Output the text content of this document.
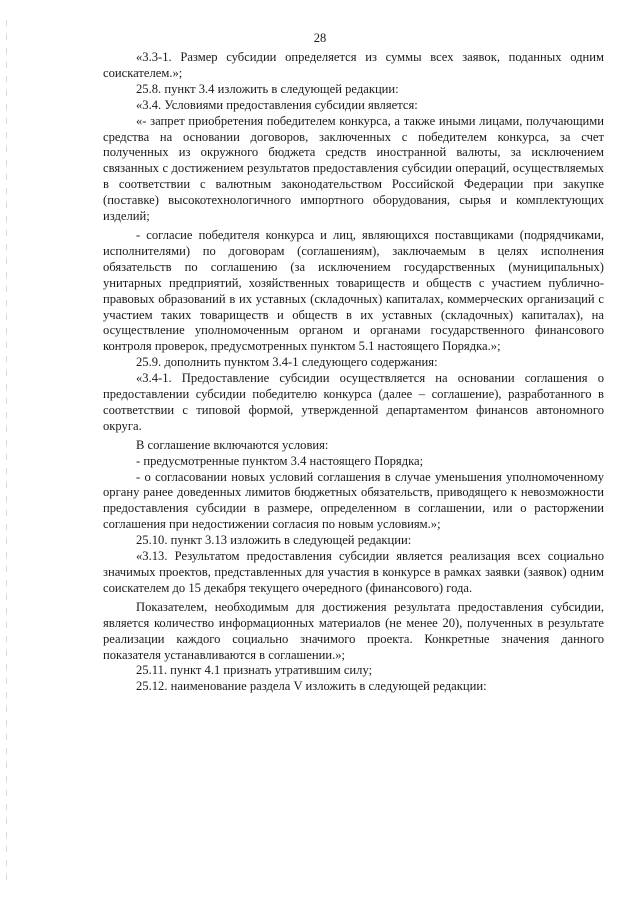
28

«3.3-1. Размер субсидии определяется из суммы всех заявок, поданных одним соискателем.»;

25.8. пункт 3.4 изложить в следующей редакции:

«3.4. Условиями предоставления субсидии является:

«- запрет приобретения победителем конкурса, а также иными лицами, получающими средства на основании договоров, заключенных с победителем конкурса, за счет полученных из окружного бюджета средств иностранной валюты, за исключением связанных с достижением результатов предоставления субсидии операций, осуществляемых в соответствии с валютным законодательством Российской Федерации при закупке (поставке) высокотехнологичного импортного оборудования, сырья и комплектующих изделий;

- согласие победителя конкурса и лиц, являющихся поставщиками (подрядчиками, исполнителями) по договорам (соглашениям), заключаемым в целях исполнения обязательств по соглашению (за исключением государственных (муниципальных) унитарных предприятий, хозяйственных товариществ и обществ с участием публично-правовых образований в их уставных (складочных) капиталах, коммерческих организаций с участием таких товариществ и обществ в их уставных (складочных) капиталах), на осуществление уполномоченным органом и органами государственного финансового контроля проверок, предусмотренных пунктом 5.1 настоящего Порядка.»;

25.9. дополнить пунктом 3.4-1 следующего содержания:

«3.4-1. Предоставление субсидии осуществляется на основании соглашения о предоставлении субсидии победителю конкурса (далее – соглашение), разработанного в соответствии с типовой формой, утвержденной департаментом финансов автономного округа.

В соглашение включаются условия:

- предусмотренные пунктом 3.4 настоящего Порядка;

- о согласовании новых условий соглашения в случае уменьшения уполномоченному органу ранее доведенных лимитов бюджетных обязательств, приводящего к невозможности предоставления субсидии в размере, определенном в соглашении, или о расторжении соглашения при недостижении согласия по новым условиям.»;

25.10. пункт 3.13 изложить в следующей редакции:

«3.13. Результатом предоставления субсидии является реализация всех социально значимых проектов, представленных для участия в конкурсе в рамках заявки (заявок) одним соискателем до 15 декабря текущего очередного (финансового) года.

Показателем, необходимым для достижения результата предоставления субсидии, является количество информационных материалов (не менее 20), полученных в результате реализации каждого социально значимого проекта. Конкретные значения данного показателя устанавливаются в соглашении.»;

25.11. пункт 4.1 признать утратившим силу;

25.12. наименование раздела V изложить в следующей редакции:
